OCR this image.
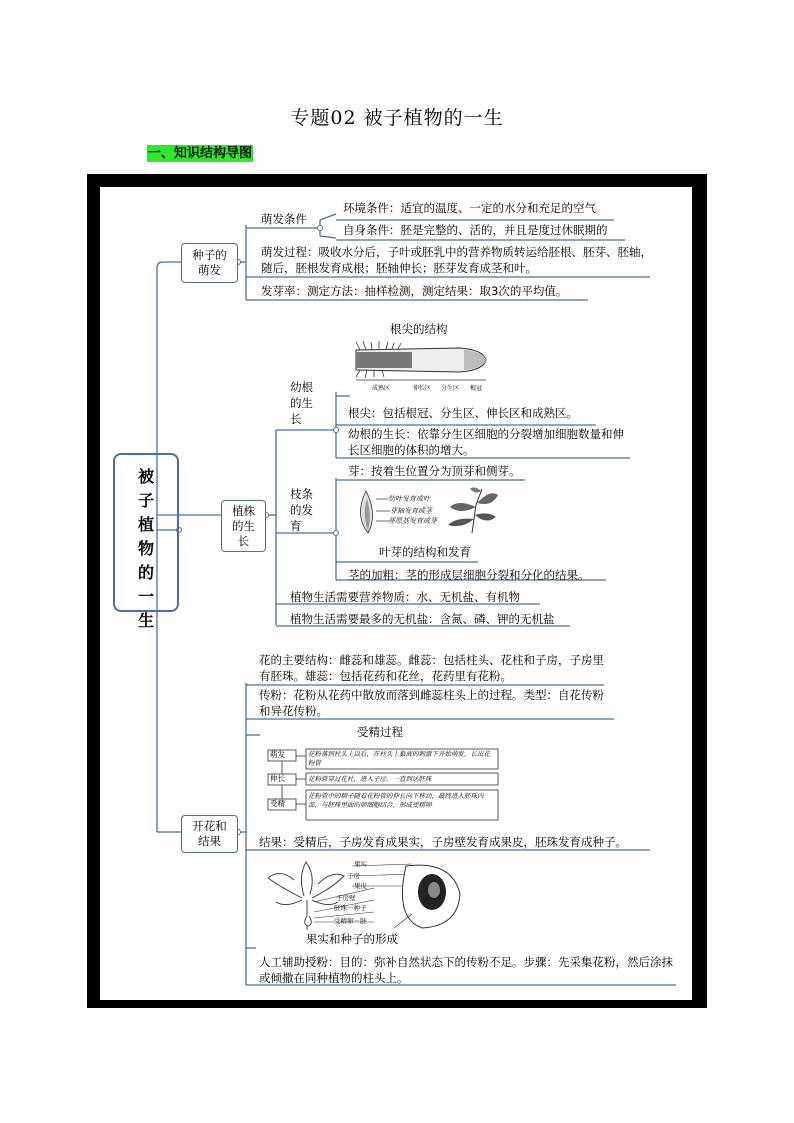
专题02 被子植物的一生
一、知识结构导图
被子植物的一生
种子的萌发
萌发条件
环境条件：适宜的温度、一定的水分和充足的空气
自身条件：胚是完整的、活的，并且是度过休眠期的
萌发过程：吸收水分后，子叶或胚乳中的营养物质转运给胚根、胚芽、胚轴，随后，胚根发育成根；胚轴伸长；胚芽发育成茎和叶。
发芽率：测定方法：抽样检测，测定结果：取3次的平均值。
植株的生长
幼根的生长
根尖的结构
成熟区	伸长区 分生区 根冠
根尖：包括根冠、分生区、伸长区和成熟区。
幼根的生长：依靠分生区细胞的分裂增加细胞数量和伸长区细胞的体积的增大。
枝条的发育
芽：按着生位置分为顶芽和侧芽。
幼叶发育成叶
芽轴发育成茎
芽原基发育成芽
叶芽的结构和发育
茎的加粗：茎的形成层细胞分裂和分化的结果。
植物生活需要营养物质：水、无机盐、有机物
植物生活需要最多的无机盐：含氮、磷、钾的无机盐
开花和结果
花的主要结构：雌蕊和雄蕊。雌蕊：包括柱头、花柱和子房，子房里有胚珠。雄蕊：包括花药和花丝，花药里有花粉。
传粉：花粉从花药中散放而落到雌蕊柱头上的过程。类型：自花传粉和异花传粉。
受精过程
萌发
伸长
受精
花粉落到柱头上以后，在柱头上黏液的刺激下开始萌发，长出花粉管
花粉管穿过花柱，进入子房，一直到达胚珠
花粉管中的精子随着花粉管的伸长向下移动，最终进入胚珠内部，与胚珠里面的卵细胞结合，形成受精卵
结果：受精后，子房发育成果实，子房壁发育成果皮，胚珠发育成种子。
果实
子房
果皮
子房壁
胚珠－种子
受精卵－胚
果实和种子的形成
人工辅助授粉：目的：弥补自然状态下的传粉不足。步骤：先采集花粉，然后涂抹或倾撒在同种植物的柱头上。
